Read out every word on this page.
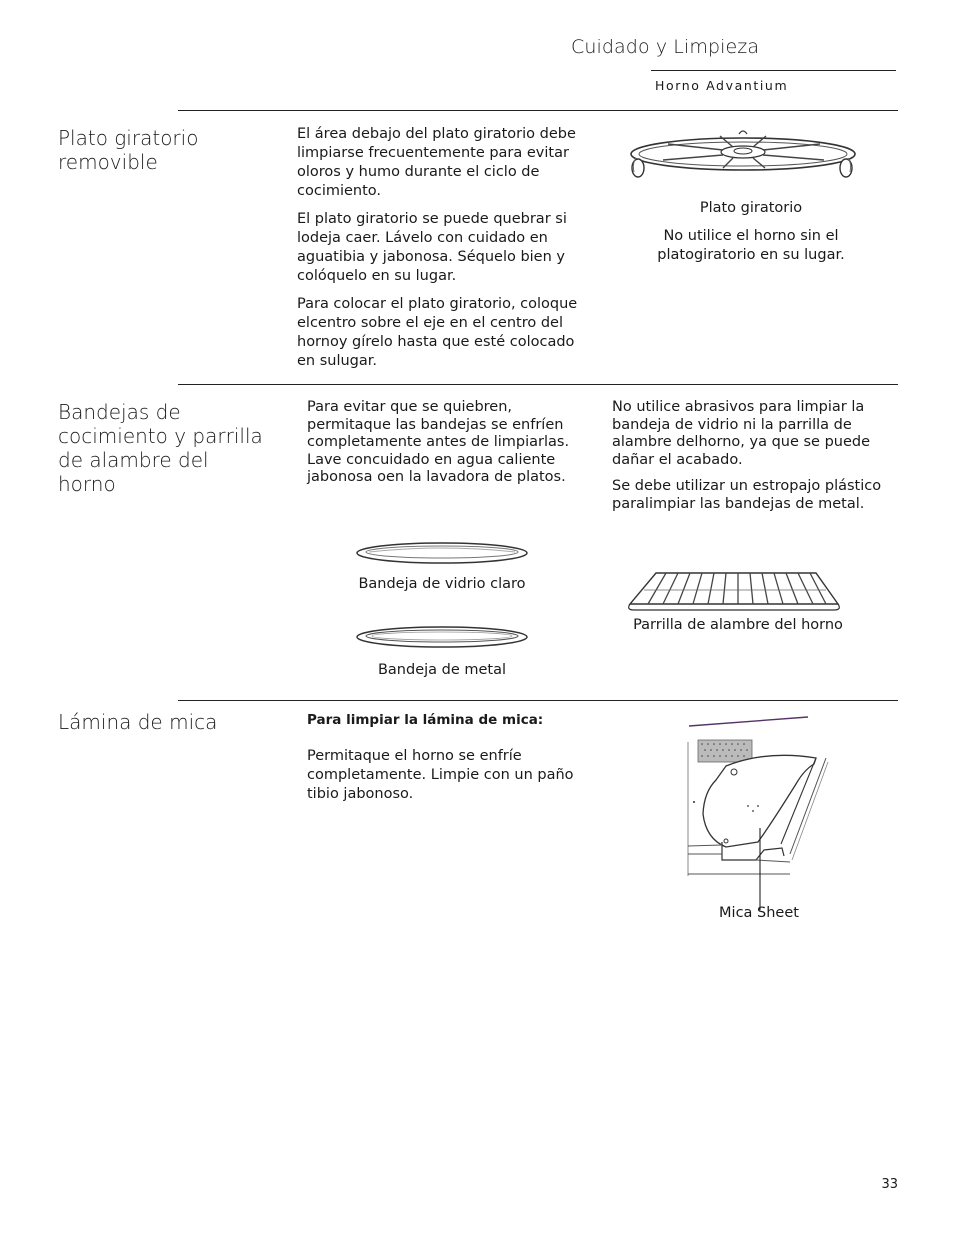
Cuidado y Limpieza
Horno Advantium
Plato giratorio removible

El área debajo del plato giratorio debe limpiarse frecuentemente para evitar oloros y humo durante el ciclo de cocimiento.

El plato giratorio se puede quebrar si lodeja caer. Lávelo con cuidado en aguatibia y jabonosa. Séquelo bien y colóquelo en su lugar.

Para colocar el plato giratorio, coloque elcentro sobre el eje en el centro del hornoy gírelo hasta que esté colocado en sulugar.

Plato giratorio
No utilice el horno sin el platogiratorio en su lugar.
Bandejas de cocimiento y parrilla de alambre del horno
Para evitar que se quiebren, permitaque las bandejas se enfríen completamente antes de limpiarlas. Lave concuidado en agua caliente jabonosa oen la lavadora de platos.

No utilice abrasivos para limpiar la bandeja de vidrio ni la parrilla de alambre delhorno, ya que se puede dañar el acabado.

Se debe utilizar un estropajo plástico paralimpiar las bandejas de metal.

Bandeja de vidrio claro
Bandeja de metal
Parrilla de alambre del horno
Lámina de mica	Para limpiar la lámina de mica:
Permitaque el horno se enfríe completamente. Limpie con un paño tibio jabonoso.
Mica Sheet
33
